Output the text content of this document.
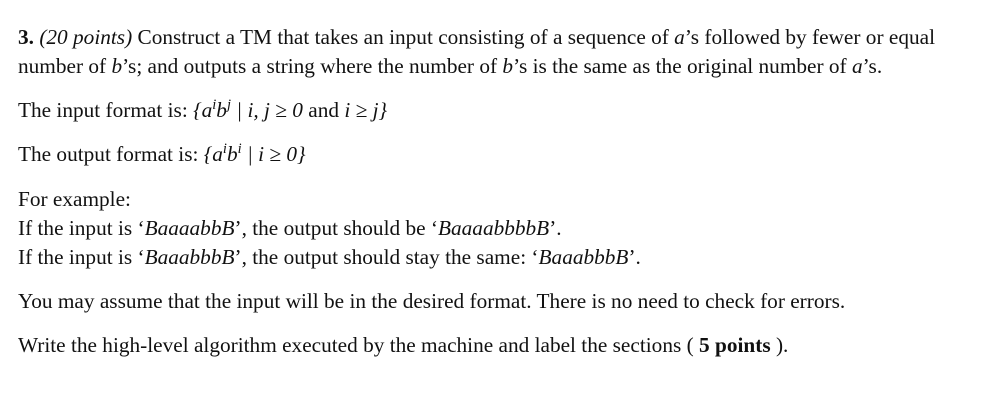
3. (20 points) Construct a TM that takes an input consisting of a sequence of a’s followed by fewer or equal number of b’s; and outputs a string where the number of b’s is the same as the original number of a’s.

The input format is: {$a^ib^j$ | i, j ≥ 0 and i ≥ j}

The output format is: {$a^ib^i$ | i ≥ 0}

For example:

If the input is ‘BaaaabbB’, the output should be ‘BaaaabbbbB’.

If the input is ‘BaaabbbB’, the output should stay the same: ‘BaaabbbB’.

You may assume that the input will be in the desired format. There is no need to check for errors.

Write the high-level algorithm executed by the machine and label the sections ( 5 points ).
